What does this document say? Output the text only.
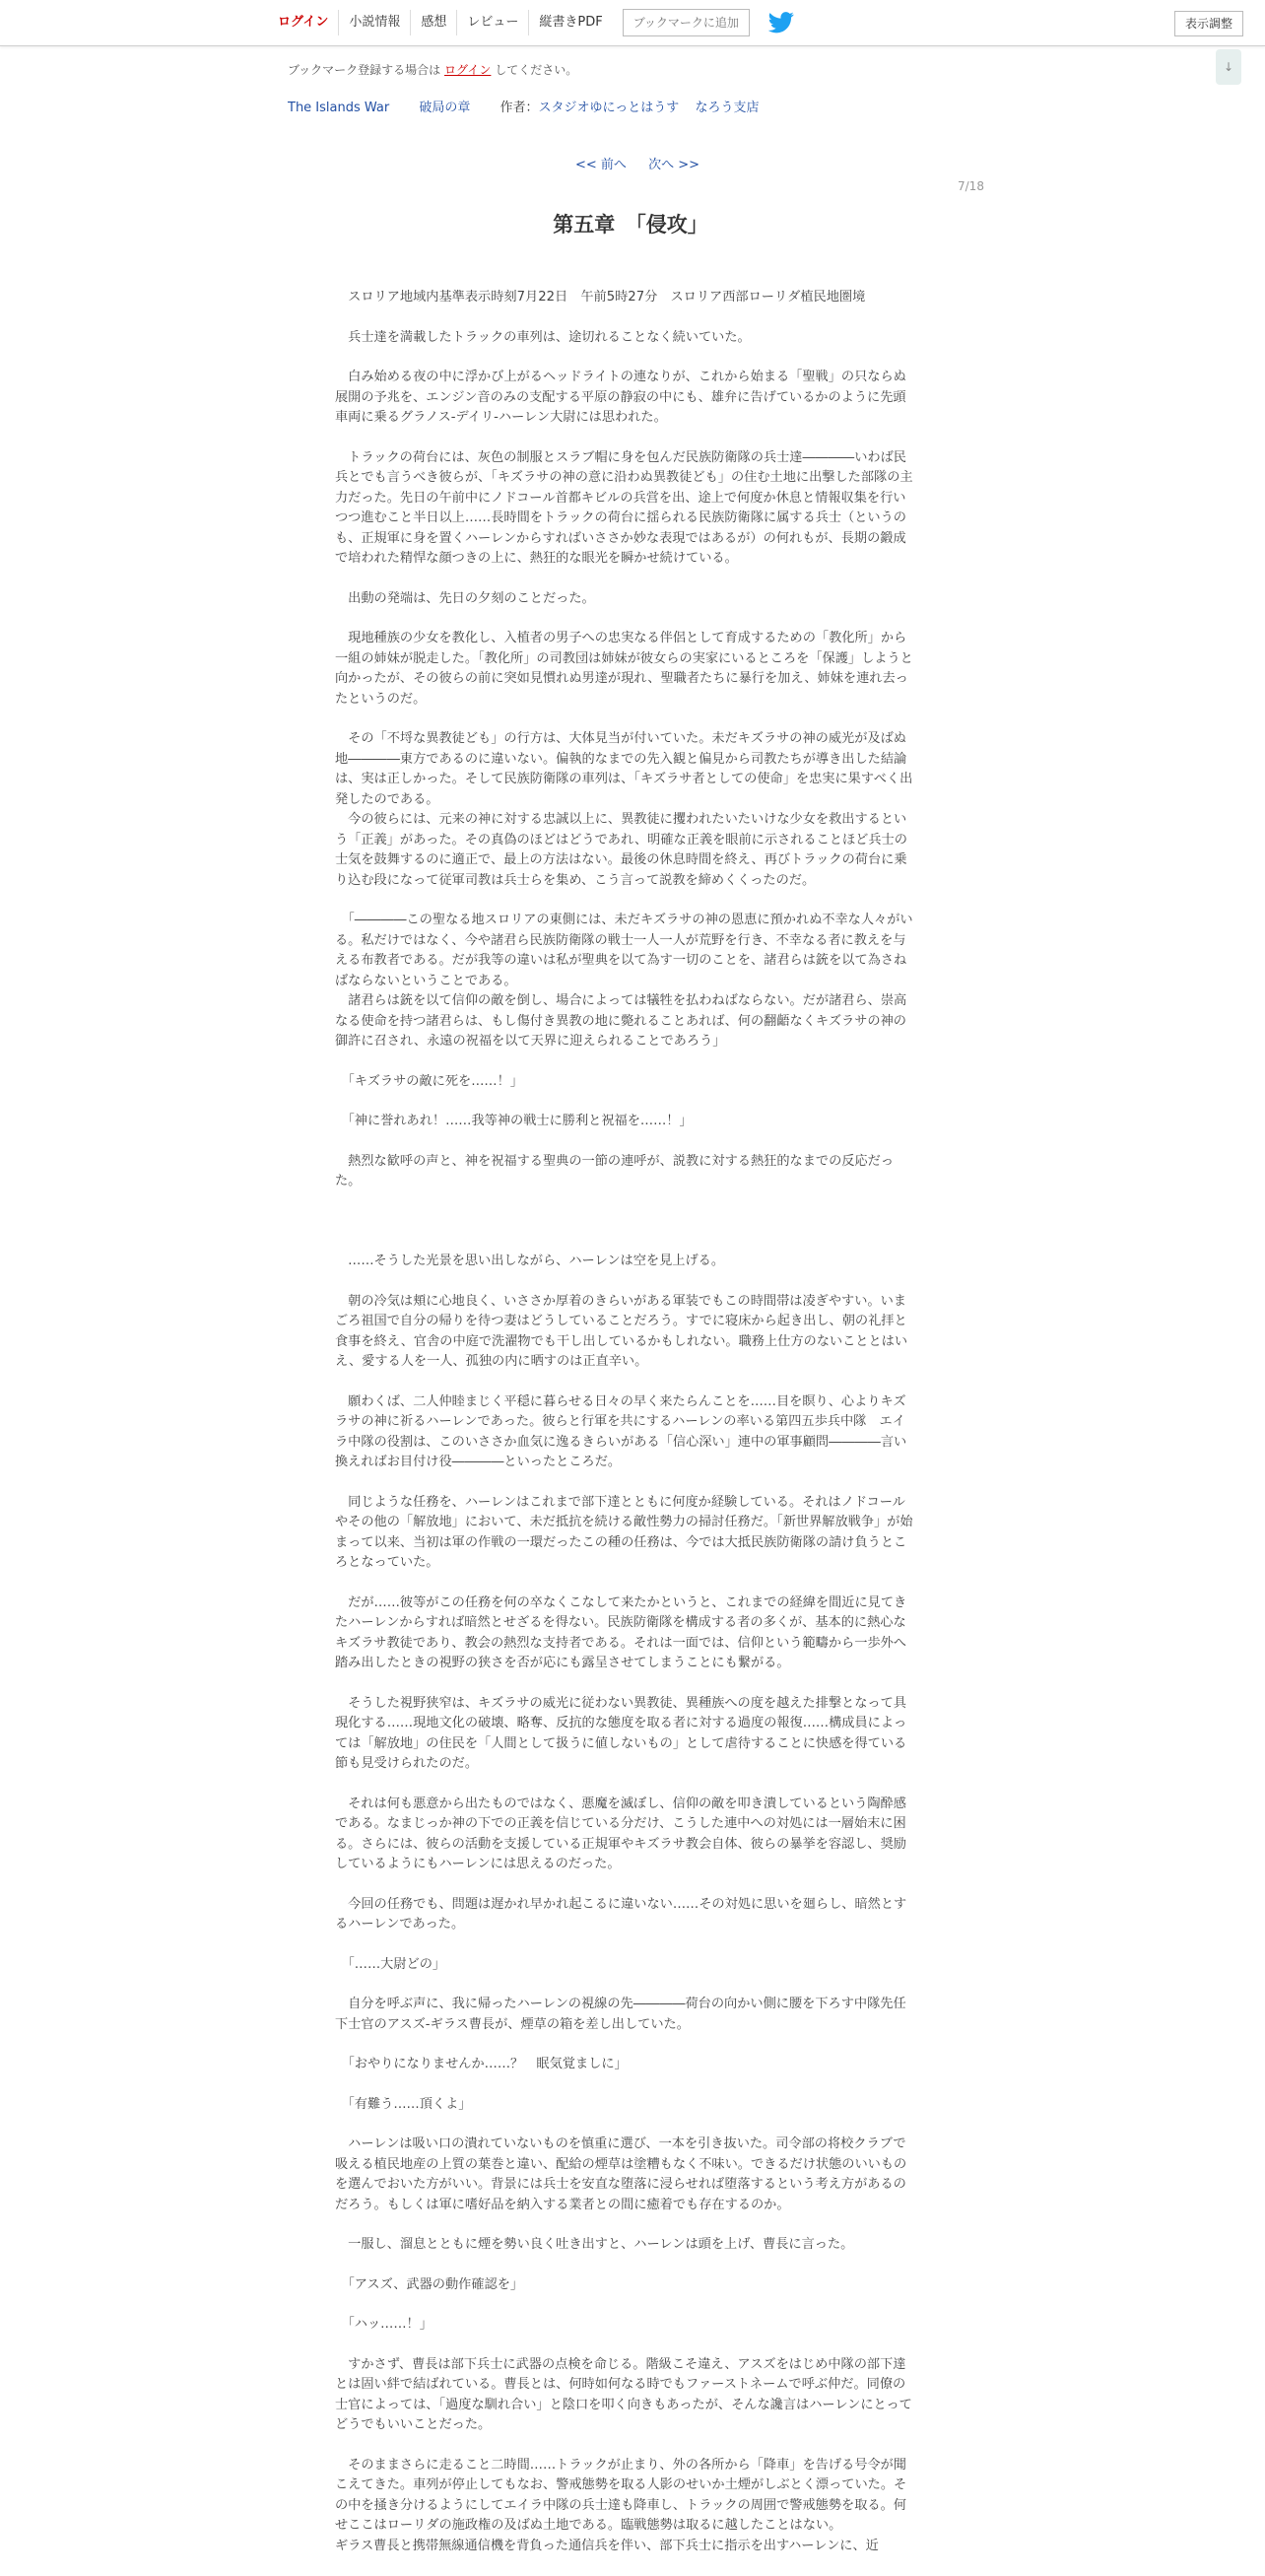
ログイン	小説情報	感想	レビュー	縦書きPDF	ブックマークに追加	表示調整
↓
ブックマーク登録する場合は ログイン してください。
The Islands War 破局の章 作者：スタジオゆにっとはうす なろう支店
<< 前へ 次へ >>
7/18
第五章　「侵攻」

　スロリア地域内基準表示時刻7月22日　午前5時27分　スロリア西部ローリダ植民地圏境

　兵士達を満載したトラックの車列は、途切れることなく続いていた。

　白み始める夜の中に浮かび上がるヘッドライトの連なりが、これから始まる「聖戦」の只ならぬ展開の予兆を、エンジン音のみの支配する平原の静寂の中にも、雄弁に告げているかのように先頭車両に乗るグラノス-デイリ-ハーレン大尉には思われた。

　トラックの荷台には、灰色の制服とスラブ帽に身を包んだ民族防衛隊の兵士達――――いわば民兵とでも言うべき彼らが、「キズラサの神の意に沿わぬ異教徒ども」の住む土地に出撃した部隊の主力だった。先日の午前中にノドコール首都キビルの兵営を出、途上で何度か休息と情報収集を行いつつ進むこと半日以上……長時間をトラックの荷台に揺られる民族防衛隊に属する兵士（というのも、正規軍に身を置くハーレンからすればいささか妙な表現ではあるが）の何れもが、長期の鍛成で培われた精悍な顔つきの上に、熱狂的な眼光を瞬かせ続けている。

　出動の発端は、先日の夕刻のことだった。

　現地種族の少女を教化し、入植者の男子への忠実なる伴侶として育成するための「教化所」から一組の姉妹が脱走した。「教化所」の司教団は姉妹が彼女らの実家にいるところを「保護」しようと向かったが、その彼らの前に突如見慣れぬ男達が現れ、聖職者たちに暴行を加え、姉妹を連れ去ったというのだ。

　その「不埒な異教徒ども」の行方は、大体見当が付いていた。未だキズラサの神の威光が及ばぬ地――――東方であるのに違いない。偏執的なまでの先入観と偏見から司教たちが導き出した結論は、実は正しかった。そして民族防衛隊の車列は、「キズラサ者としての使命」を忠実に果すべく出発したのである。
　今の彼らには、元来の神に対する忠誠以上に、異教徒に攫われたいたいけな少女を救出するという「正義」があった。その真偽のほどはどうであれ、明確な正義を眼前に示されることほど兵士の士気を鼓舞するのに適正で、最上の方法はない。最後の休息時間を終え、再びトラックの荷台に乗り込む段になって従軍司教は兵士らを集め、こう言って説教を締めくくったのだ。

　「――――この聖なる地スロリアの東側には、未だキズラサの神の恩恵に預かれぬ不幸な人々がいる。私だけではなく、今や諸君ら民族防衛隊の戦士一人一人が荒野を行き、不幸なる者に教えを与える布教者である。だが我等の違いは私が聖典を以て為す一切のことを、諸君らは銃を以て為さねばならないということである。
　諸君らは銃を以て信仰の敵を倒し、場合によっては犠牲を払わねばならない。だが諸君ら、崇高なる使命を持つ諸君らは、もし傷付き異教の地に斃れることあれば、何の翻齬なくキズラサの神の御許に召され、永遠の祝福を以て天界に迎えられることであろう」

　「キズラサの敵に死を……！」

　「神に誉れあれ！……我等神の戦士に勝利と祝福を……！」

　熱烈な歓呼の声と、神を祝福する聖典の一節の連呼が、説教に対する熱狂的なまでの反応だった。

　……そうした光景を思い出しながら、ハーレンは空を見上げる。

　朝の冷気は頬に心地良く、いささか厚着のきらいがある軍装でもこの時間帯は凌ぎやすい。いまごろ祖国で自分の帰りを待つ妻はどうしていることだろう。すでに寝床から起き出し、朝の礼拝と食事を終え、官舎の中庭で洗濯物でも干し出しているかもしれない。職務上仕方のないこととはいえ、愛する人を一人、孤独の内に晒すのは正直辛い。

　願わくば、二人仲睦まじく平穏に暮らせる日々の早く来たらんことを……目を瞑り、心よりキズラサの神に祈るハーレンであった。彼らと行軍を共にするハーレンの率いる第四五歩兵中隊　エイラ中隊の役割は、このいささか血気に逸るきらいがある「信心深い」連中の軍事顧問――――言い換えればお目付け役――――といったところだ。

　同じような任務を、ハーレンはこれまで部下達とともに何度か経験している。それはノドコールやその他の「解放地」において、未だ抵抗を続ける敵性勢力の掃討任務だ。「新世界解放戦争」が始まって以来、当初は軍の作戦の一環だったこの種の任務は、今では大抵民族防衛隊の請け負うところとなっていた。

　だが……彼等がこの任務を何の卒なくこなして来たかというと、これまでの経緯を間近に見てきたハーレンからすれば暗然とせざるを得ない。民族防衛隊を構成する者の多くが、基本的に熱心なキズラサ教徒であり、教会の熱烈な支持者である。それは一面では、信仰という範疇から一歩外へ踏み出したときの視野の狭さを否が応にも露呈させてしまうことにも繋がる。

　そうした視野狭窄は、キズラサの威光に従わない異教徒、異種族への度を越えた排撃となって具現化する……現地文化の破壊、略奪、反抗的な態度を取る者に対する過度の報復……構成員によっては「解放地」の住民を「人間として扱うに値しないもの」として虐待することに快感を得ている節も見受けられたのだ。

　それは何も悪意から出たものではなく、悪魔を滅ぼし、信仰の敵を叩き潰しているという陶酔感である。なまじっか神の下での正義を信じている分だけ、こうした連中への対処には一層始末に困る。さらには、彼らの活動を支援している正規軍やキズラサ教会自体、彼らの暴挙を容認し、奨励しているようにもハーレンには思えるのだった。

　今回の任務でも、問題は遅かれ早かれ起こるに違いない……その対処に思いを廻らし、暗然とするハーレンであった。

　「……大尉どの」

　自分を呼ぶ声に、我に帰ったハーレンの視線の先――――荷台の向かい側に腰を下ろす中隊先任下士官のアスズ-ギラス曹長が、煙草の箱を差し出していた。

　「おやりになりませんか……？　眠気覚ましに」

　「有難う……頂くよ」

　ハーレンは吸い口の潰れていないものを慎重に選び、一本を引き抜いた。司令部の将校クラブで吸える植民地産の上質の葉巻と違い、配給の煙草は塗糟もなく不味い。できるだけ状態のいいものを選んでおいた方がいい。背景には兵士を安直な堕落に浸らせれば堕落するという考え方があるのだろう。もしくは軍に嗜好品を納入する業者との間に癒着でも存在するのか。

　一服し、溜息とともに煙を勢い良く吐き出すと、ハーレンは頭を上げ、曹長に言った。

　「アスズ、武器の動作確認を」

　「ハッ……！」

　すかさず、曹長は部下兵士に武器の点検を命じる。階級こそ違え、アスズをはじめ中隊の部下達とは固い絆で結ばれている。曹長とは、何時如何なる時でもファーストネームで呼ぶ仲だ。同僚の士官によっては、「過度な馴れ合い」と陰口を叩く向きもあったが、そんな讒言はハーレンにとってどうでもいいことだった。

　そのままさらに走ること二時間……トラックが止まり、外の各所から「降車」を告げる号令が聞こえてきた。車列が停止してもなお、警戒態勢を取る人影のせいか土煙がしぶとく漂っていた。その中を掻き分けるようにしてエイラ中隊の兵士達も降車し、トラックの周囲で警戒態勢を取る。何せここはローリダの施政権の及ばぬ土地である。臨戦態勢は取るに越したことはない。
ギラス曹長と携帯無線通信機を背負った通信兵を伴い、部下兵士に指示を出すハーレンに、近
